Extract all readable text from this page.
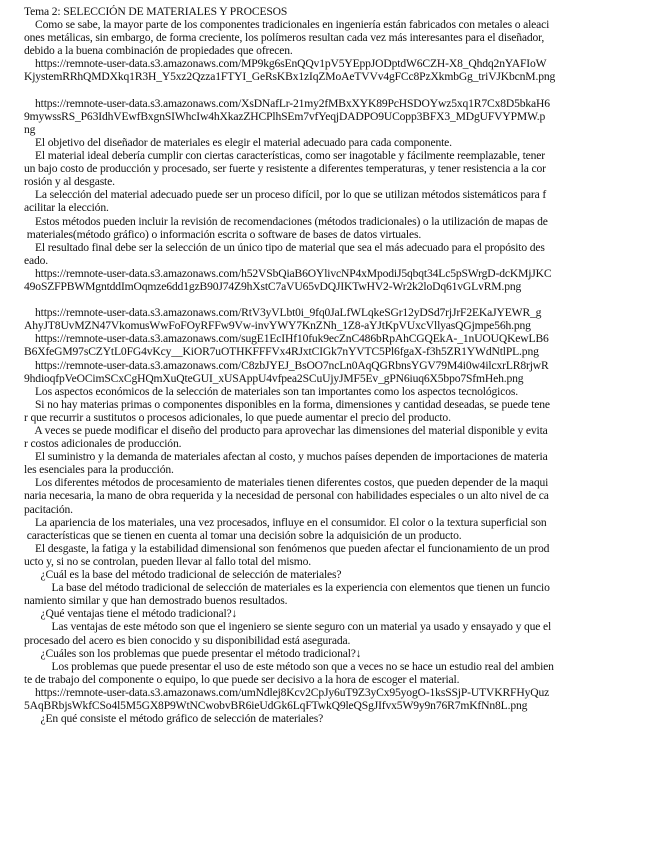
Tema 2: SELECCIÓN DE MATERIALES Y PROCESOS
Como se sabe, la mayor parte de los componentes tradicionales en ingeniería están fabricados con metales o aleaci
ones metálicas, sin embargo, de forma creciente, los polímeros resultan cada vez más interesantes para el diseñador,
debido a la buena combinación de propiedades que ofrecen.
https://remnote-user-data.s3.amazonaws.com/MP9kg6sEnQQv1pV5YEppJODptdW6CZH-X8_Qhdq2nYAFIoW
KjystemRRhQMDXkq1R3H_Y5xz2Qzza1FTYI_GeRsKBx1zIqZMoAeTVVv4gFCc8PzXkmbGg_triVJKbcnM.png
https://remnote-user-data.s3.amazonaws.com/XsDNafLr-21my2fMBxXYK89PcHSDOYwz5xq1R7Cx8D5bkaH6
9mywssRS_P63IdhVEwfBxgnSIWhcIw4hXkazZHCPlhSEm7vfYeqjDADPO9UCopp3BFX3_MDgUFVYPMW.p
ng
El objetivo del diseñador de materiales es elegir el material adecuado para cada componente.
El material ideal debería cumplir con ciertas características, como ser inagotable y fácilmente reemplazable, tener
un bajo costo de producción y procesado, ser fuerte y resistente a diferentes temperaturas, y tener resistencia a la cor
rosión y al desgaste.
La selección del material adecuado puede ser un proceso difícil, por lo que se utilizan métodos sistemáticos para f
acilitar la elección.
Estos métodos pueden incluir la revisión de recomendaciones (métodos tradicionales) o la utilización de mapas de
materiales(método gráfico) o información escrita o software de bases de datos virtuales.
El resultado final debe ser la selección de un único tipo de material que sea el más adecuado para el propósito des
eado.
https://remnote-user-data.s3.amazonaws.com/h52VSbQiaB6OYlivcNP4xMpodiJ5qbqt34Lc5pSWrgD-dcKMjJKC
49oSZFPBWMgntddImOqmze6dd1gzB90J74Z9hXstC7aVU65vDQJIKTwHV2-Wr2k2loDq61vGLvRM.png
https://remnote-user-data.s3.amazonaws.com/RtV3yVLbt0i_9fq0JaLfWLqkeSGr12yDSd7rjJrF2EKaJYEWR_g
AhyJT8UvMZN47VkomusWwFoFOyRFFw9Vw-invYWY7KnZNh_1Z8-aYJtKpVUxcVllyasQGjmpe56h.png
https://remnote-user-data.s3.amazonaws.com/sugE1EcIHf10fuk9ecZnC486bRpAhCGQEkA-_1nUOUQKewLB6
B6XfeGM97sCZYtL0FG4vKcy__KiOR7uOTHKFFFVx4RJxtCIGk7nYVTC5Pl6fgaX-f3h5ZR1YWdNtlPL.png
https://remnote-user-data.s3.amazonaws.com/C8zbJYEJ_BsOO7ncLn0AqQGRbnsYGV79M4i0w4ilcxrLR8rjwR
9hdioqfpVeOCimSCxCgHQmXuQteGUI_xUSAppU4vfpea2SCuUjyJMF5Ev_gPN6iuq6X5bpo7SfmHeh.png
Los aspectos económicos de la selección de materiales son tan importantes como los aspectos tecnológicos.
Si no hay materias primas o componentes disponibles en la forma, dimensiones y cantidad deseadas, se puede tene
r que recurrir a sustitutos o procesos adicionales, lo que puede aumentar el precio del producto.
A veces se puede modificar el diseño del producto para aprovechar las dimensiones del material disponible y evita
r costos adicionales de producción.
El suministro y la demanda de materiales afectan al costo, y muchos países dependen de importaciones de materia
les esenciales para la producción.
Los diferentes métodos de procesamiento de materiales tienen diferentes costos, que pueden depender de la maqui
naria necesaria, la mano de obra requerida y la necesidad de personal con habilidades especiales o un alto nivel de ca
pacitación.
La apariencia de los materiales, una vez procesados, influye en el consumidor. El color o la textura superficial son
características que se tienen en cuenta al tomar una decisión sobre la adquisición de un producto.
El desgaste, la fatiga y la estabilidad dimensional son fenómenos que pueden afectar el funcionamiento de un prod
ucto y, si no se controlan, pueden llevar al fallo total del mismo.
¿Cuál es la base del método tradicional de selección de materiales?
La base del método tradicional de selección de materiales es la experiencia con elementos que tienen un funcio
namiento similar y que han demostrado buenos resultados.
¿Qué ventajas tiene el método tradicional?↓
Las ventajas de este método son que el ingeniero se siente seguro con un material ya usado y ensayado y que el
procesado del acero es bien conocido y su disponibilidad está asegurada.
¿Cuáles son los problemas que puede presentar el método tradicional?↓
Los problemas que puede presentar el uso de este método son que a veces no se hace un estudio real del ambien
te de trabajo del componente o equipo, lo que puede ser decisivo a la hora de escoger el material.
https://remnote-user-data.s3.amazonaws.com/umNdlej8Kcv2CpJy6uT9Z3yCx95yogO-1ksSSjP-UTVKRFHyQuz
5AqBRbjsWkfCSo4l5M5GX8P9WtNCwobvBR6ieUdGk6LqFTwkQ9leQSgJIfvx5W9y9n76R7mKfNn8L.png
¿En qué consiste el método gráfico de selección de materiales?
